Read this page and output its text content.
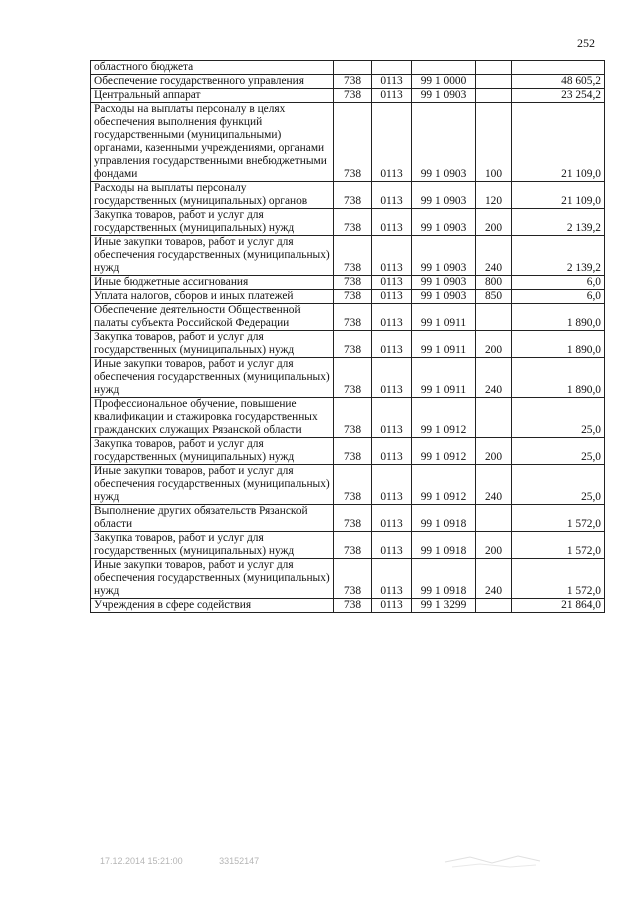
252
областного бюджета					
Обеспечение государственного управления	738	0113	99 1 0000		48 605,2
Центральный аппарат	738	0113	99 1 0903		23 254,2
Расходы на выплаты персоналу в целях обеспечения выполнения функций государственными (муниципальными) органами, казенными учреждениями, органами управления государственными внебюджетными фондами	738	0113	99 1 0903	100	21 109,0
Расходы на выплаты персоналу государственных (муниципальных) органов	738	0113	99 1 0903	120	21 109,0
Закупка товаров, работ и услуг для государственных (муниципальных) нужд	738	0113	99 1 0903	200	2 139,2
Иные закупки товаров, работ и услуг для обеспечения государственных (муниципальных) нужд	738	0113	99 1 0903	240	2 139,2
Иные бюджетные ассигнования	738	0113	99 1 0903	800	6,0
Уплата налогов, сборов и иных платежей	738	0113	99 1 0903	850	6,0
Обеспечение деятельности Общественной палаты субъекта Российской Федерации	738	0113	99 1 0911		1 890,0
Закупка товаров, работ и услуг для государственных (муниципальных) нужд	738	0113	99 1 0911	200	1 890,0
Иные закупки товаров, работ и услуг для обеспечения государственных (муниципальных) нужд	738	0113	99 1 0911	240	1 890,0
Профессиональное обучение, повышение квалификации и стажировка государственных гражданских служащих Рязанской области	738	0113	99 1 0912		25,0
Закупка товаров, работ и услуг для государственных (муниципальных) нужд	738	0113	99 1 0912	200	25,0
Иные закупки товаров, работ и услуг для обеспечения государственных (муниципальных) нужд	738	0113	99 1 0912	240	25,0
Выполнение других обязательств Рязанской области	738	0113	99 1 0918		1 572,0
Закупка товаров, работ и услуг для государственных (муниципальных) нужд	738	0113	99 1 0918	200	1 572,0
Иные закупки товаров, работ и услуг для обеспечения государственных (муниципальных) нужд	738	0113	99 1 0918	240	1 572,0
Учреждения в сфере содействия	738	0113	99 1 3299		21 864,0
17.12.2014 15:21:00	33152147
